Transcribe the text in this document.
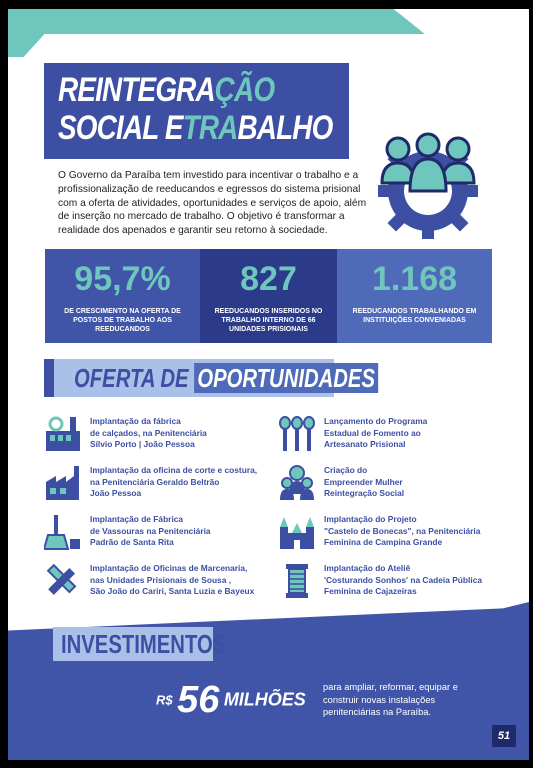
REINTEGRAÇÃO
SOCIAL ETRABALHO
O Governo da Paraíba tem investido para incentivar o trabalho e a profissionalização de reeducandos e egressos do sistema prisional com a oferta de atividades, oportunidades e serviços de apoio, além de inserção no mercado de trabalho. O objetivo é transformar a realidade dos apenados e garantir seu retorno à sociedade.
95,7%
DE CRESCIMENTO NA OFERTA DE POSTOS DE TRABALHO AOS REEDUCANDOS
827
REEDUCANDOS INSERIDOS NO TRABALHO INTERNO DE 66 UNIDADES PRISIONAIS
1.168
REEDUCANDOS TRABALHANDO EM INSTITUIÇÕES CONVENIADAS
OFERTA DE OPORTUNIDADES
Implantação da fábrica
de calçados, na Penitenciária
Sílvio Porto | João Pessoa
Lançamento do Programa
Estadual de Fomento ao
Artesanato Prisional
Implantação da oficina de corte e costura,
na Penitenciária Geraldo Beltrão
João Pessoa
Criação do
Empreender Mulher
Reintegração Social
Implantação de Fábrica
de Vassouras na Penitenciária
Padrão de Santa Rita
Implantação do Projeto
"Castelo de Bonecas", na Penitenciária
Feminina de Campina Grande
Implantação de Oficinas de Marcenaria,
nas Unidades Prisionais de Sousa ,
São João do Cariri, Santa Luzia e Bayeux
Implantação do Ateliê
'Costurando Sonhos' na Cadeia Pública
Feminina de Cajazeiras
INVESTIMENTOS
R$ 56 MILHÕES
para ampliar, reformar, equipar e construir novas instalações penitenciárias na Paraíba.
51
